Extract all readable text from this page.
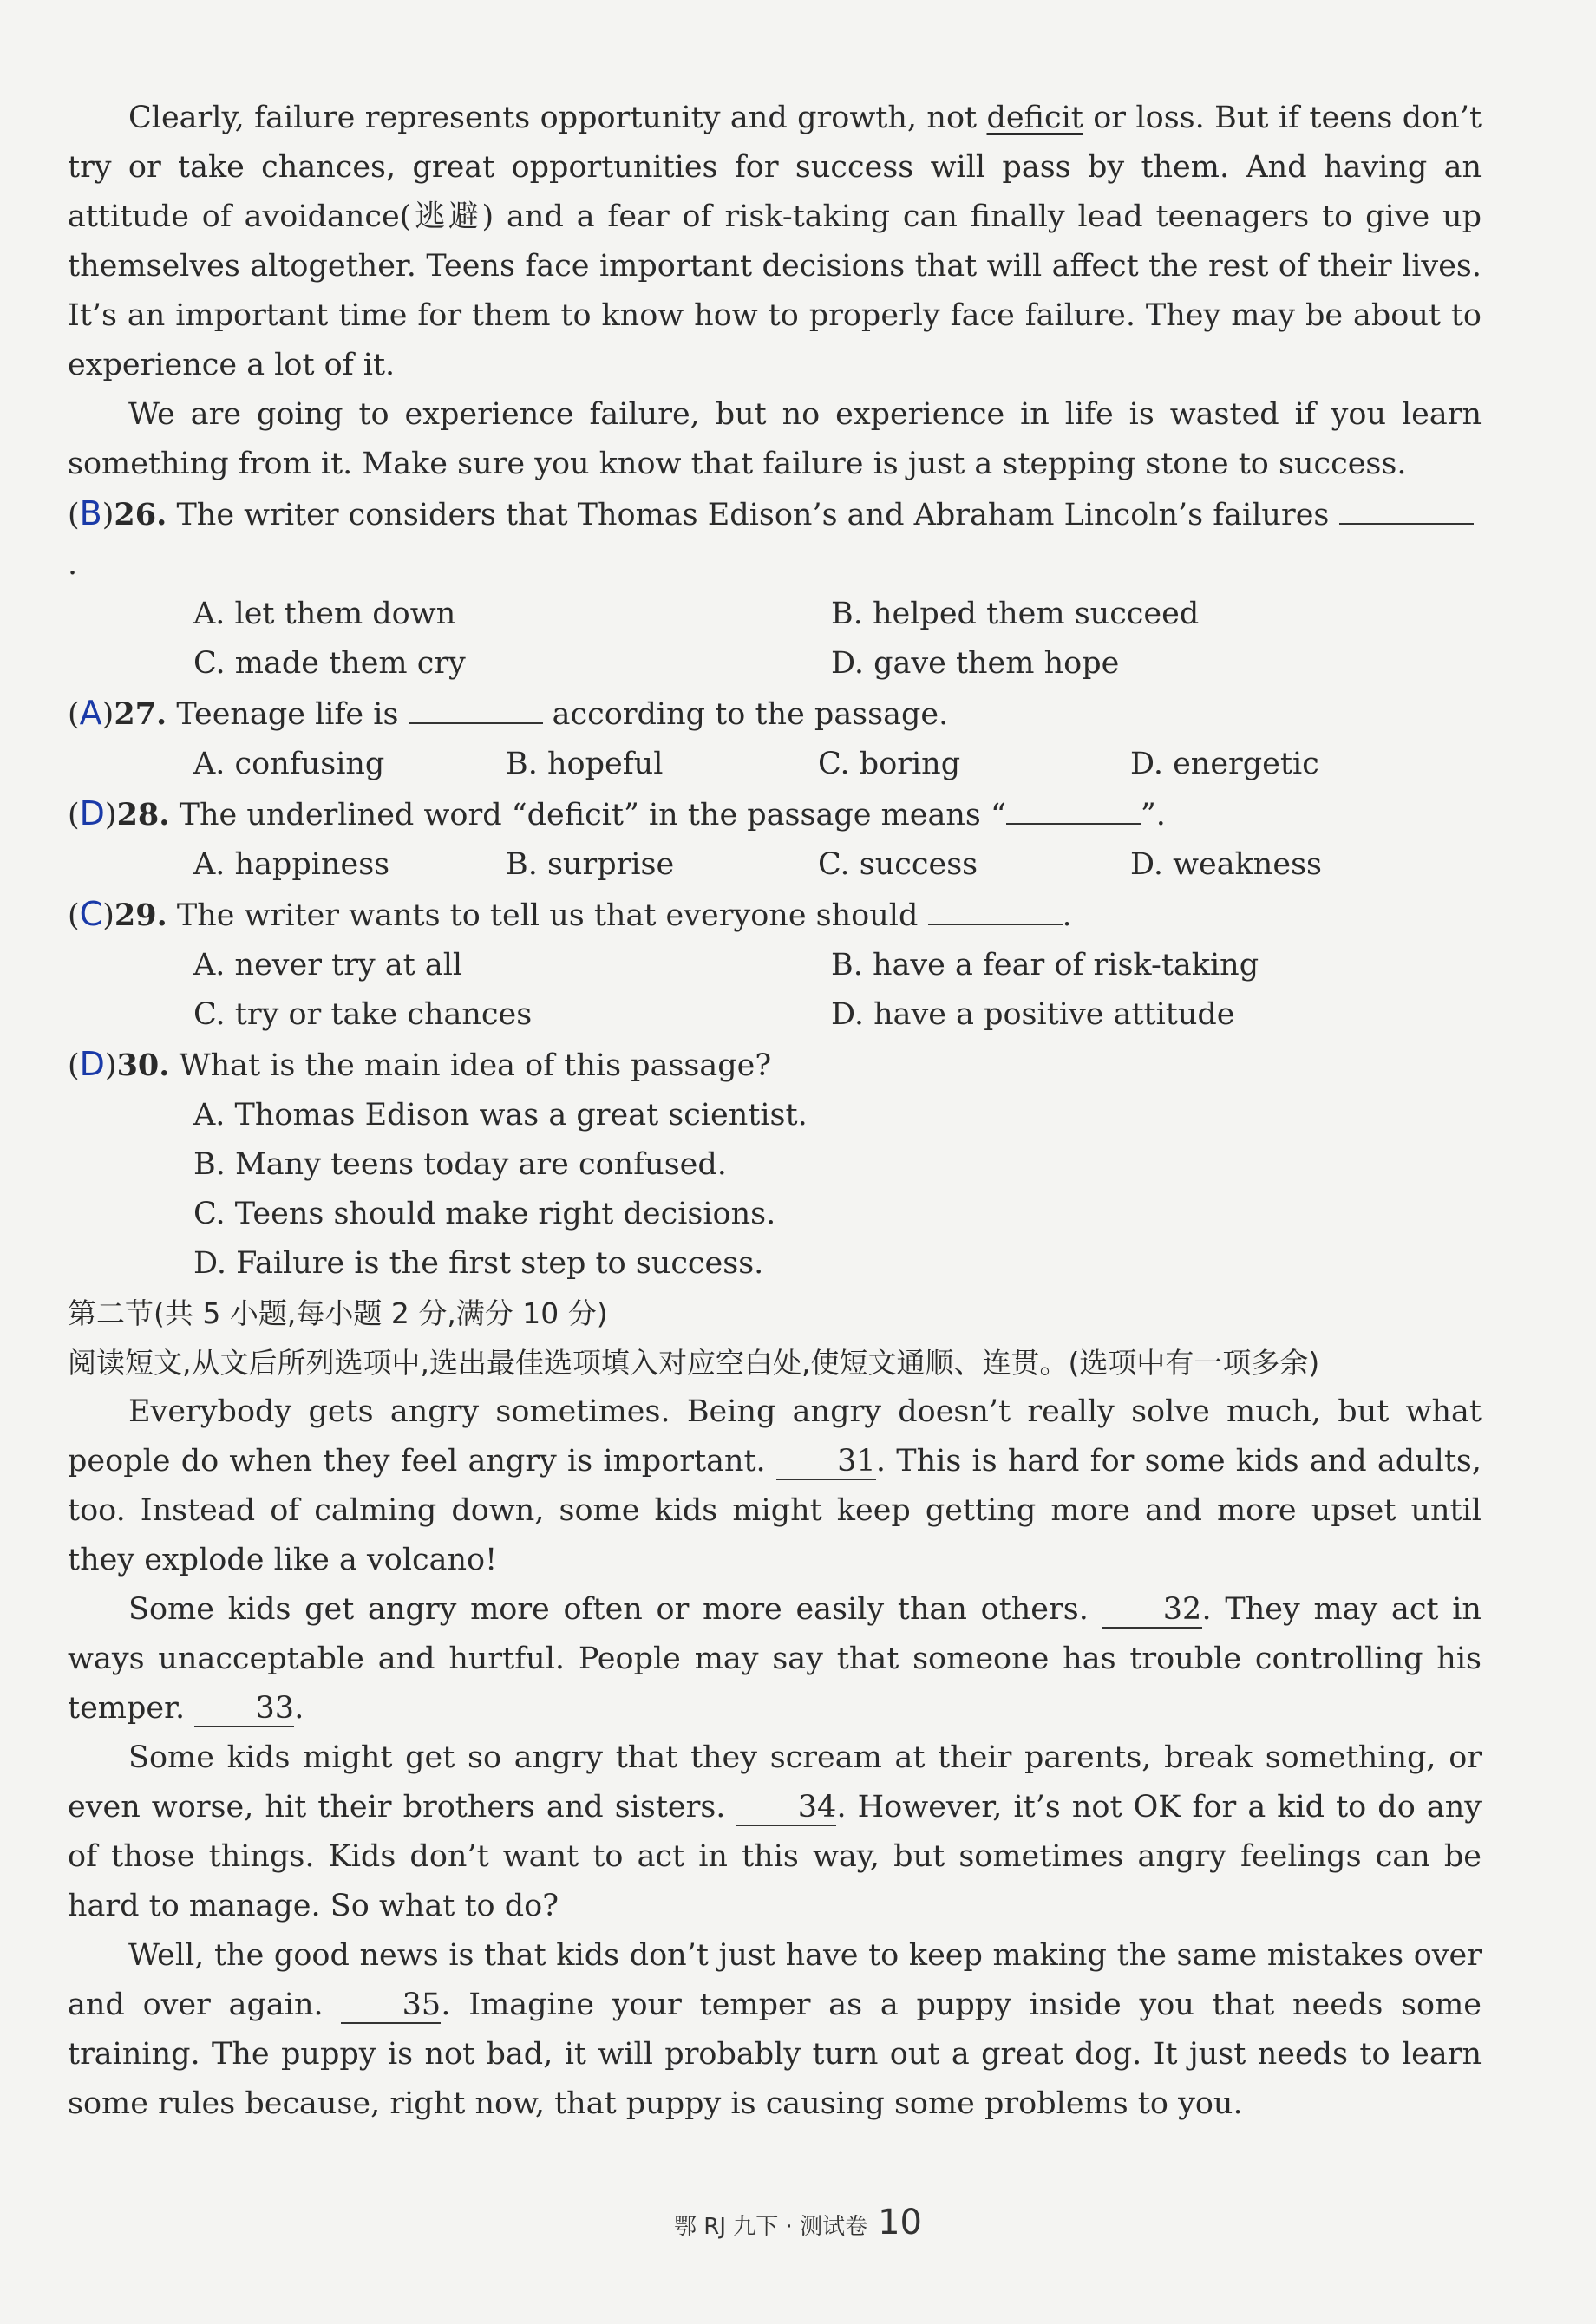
Clearly, failure represents opportunity and growth, not deficit or loss. But if teens don’t try or take chances, great opportunities for success will pass by them. And having an attitude of avoidance(逃避) and a fear of risk-taking can finally lead teenagers to give up themselves altogether. Teens face important decisions that will affect the rest of their lives. It’s an important time for them to know how to properly face failure. They may be about to experience a lot of it.

We are going to experience failure, but no experience in life is wasted if you learn something from it. Make sure you know that failure is just a stepping stone to success.

(B)26. The writer considers that Thomas Edison’s and Abraham Lincoln’s failures .

A. let them down	B. helped them succeed
C. made them cry	D. gave them hope

(A)27. Teenage life is	according to the passage.

A. confusing	B. hopeful	C. boring	D. energetic

(D)28. The underlined word “deficit” in the passage means “	”.

A. happiness	B. surprise	C. success	D. weakness

(C)29. The writer wants to tell us that everyone should	.

A. never try at all	B. have a fear of risk-taking
C. try or take chances	D. have a positive attitude

(D)30. What is the main idea of this passage?

A. Thomas Edison was a great scientist.
B. Many teens today are confused.
C. Teens should make right decisions.
D. Failure is the first step to success.

第二节(共 5 小题,每小题 2 分,满分 10 分)

阅读短文,从文后所列选项中,选出最佳选项填入对应空白处,使短文通顺、连贯。(选项中有一项多余)

Everybody gets angry sometimes. Being angry doesn’t really solve much, but what people do when they feel angry is important. 31. This is hard for some kids and adults, too. Instead of calming down, some kids might keep getting more and more upset until they explode like a volcano!

Some kids get angry more often or more easily than others. 32. They may act in ways unacceptable and hurtful. People may say that someone has trouble controlling his temper. 33.

Some kids might get so angry that they scream at their parents, break something, or even worse, hit their brothers and sisters. 34. However, it’s not OK for a kid to do any of those things. Kids don’t want to act in this way, but sometimes angry feelings can be hard to manage. So what to do?

Well, the good news is that kids don’t just have to keep making the same mistakes over and over again. 35. Imagine your temper as a puppy inside you that needs some training. The puppy is not bad, it will probably turn out a great dog. It just needs to learn some rules because, right now, that puppy is causing some problems to you.

鄂 RJ 九下 · 测试卷 10
